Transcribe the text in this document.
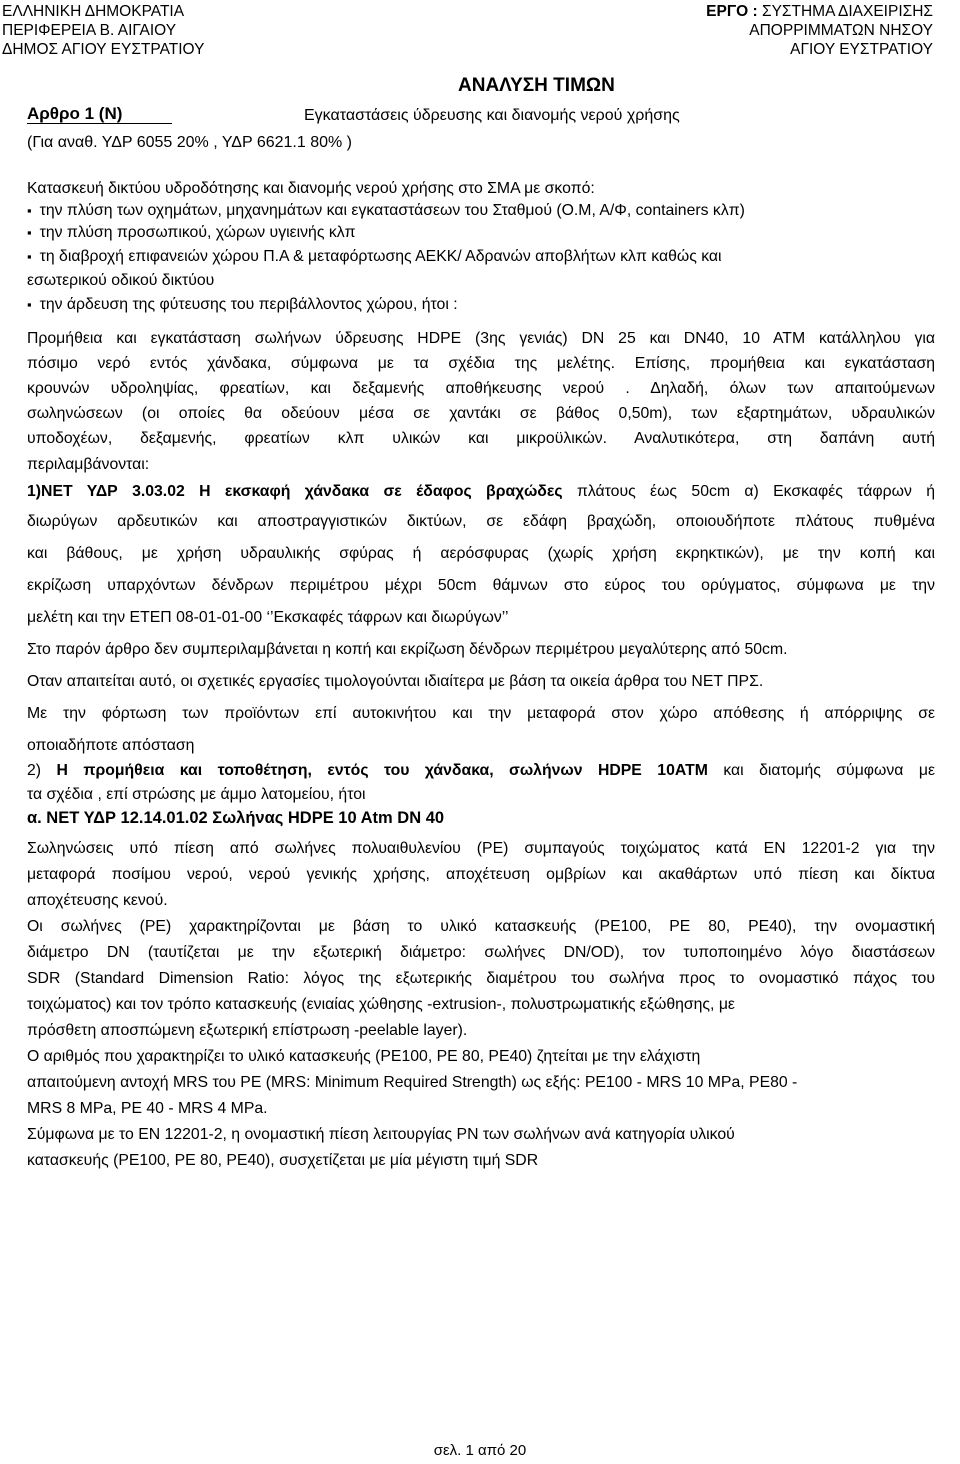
ΕΛΛΗΝΙΚΗ ΔΗΜΟΚΡΑΤΙΑ
ΠΕΡΙΦΕΡΕΙΑ Β. ΑΙΓΑΙΟΥ
ΔΗΜΟΣ ΑΓΙΟΥ ΕΥΣΤΡΑΤΙΟΥ
ΕΡΓΟ : ΣΥΣΤΗΜΑ ΔΙΑΧΕΙΡΙΣΗΣ
ΑΠΟΡΡΙΜΜΑΤΩΝ ΝΗΣΟΥ
ΑΓΙΟΥ ΕΥΣΤΡΑΤΙΟΥ
ΑΝΑΛΥΣΗ ΤΙΜΩΝ
Αρθρο 1 (Ν)	Εγκαταστάσεις ύδρευσης και διανομής νερού χρήσης
(Για αναθ. ΥΔΡ 6055 20% , ΥΔΡ 6621.1 80% )
Κατασκευή δικτύου υδροδότησης και διανομής νερού χρήσης στο ΣΜΑ με σκοπό:
▪ την πλύση των οχημάτων, μηχανημάτων και εγκαταστάσεων του Σταθμού (Ο.Μ, Α/Φ, containers κλπ)
▪ την πλύση προσωπικού, χώρων υγιεινής κλπ
▪ τη διαβροχή επιφανειών χώρου Π.Α & μεταφόρτωσης ΑΕΚΚ/ Αδρανών αποβλήτων κλπ καθώς και
εσωτερικού οδικού δικτύου
▪ την άρδευση της φύτευσης του περιβάλλοντος χώρου, ήτοι :
Προμήθεια και εγκατάσταση σωλήνων ύδρευσης HDPE (3ης γενιάς) DN 25 και DN40, 10 ATM κατάλληλου για
πόσιμο νερό εντός χάνδακα, σύμφωνα με τα σχέδια της μελέτης. Επίσης, προμήθεια και εγκατάσταση
κρουνών υδροληψίας, φρεατίων, και δεξαμενής αποθήκευσης νερού . Δηλαδή, όλων των απαιτούμενων
σωληνώσεων (οι οποίες θα οδεύουν μέσα σε χαντάκι σε βάθος 0,50m), των εξαρτημάτων, υδραυλικών
υποδοχέων, δεξαμενής, φρεατίων κλπ υλικών και μικροϋλικών. Αναλυτικότερα, στη δαπάνη αυτή
περιλαμβάνονται:
1)ΝΕΤ ΥΔΡ 3.03.02 Η εκσκαφή χάνδακα σε έδαφος βραχώδες πλάτους έως 50cm α) Εκσκαφές τάφρων ή
διωρύγων αρδευτικών και αποστραγγιστικών δικτύων, σε εδάφη βραχώδη, οποιουδήποτε πλάτους πυθμένα
και βάθους, με χρήση υδραυλικής σφύρας ή αερόσφυρας (χωρίς χρήση εκρηκτικών), με την κοπή και
εκρίζωση υπαρχόντων δένδρων περιμέτρου μέχρι 50cm θάμνων στο εύρος του ορύγματος, σύμφωνα με την
μελέτη και την ΕΤΕΠ 08-01-01-00 ‘’Εκσκαφές τάφρων και διωρύγων’’
Στο παρόν άρθρο δεν συμπεριλαμβάνεται η κοπή και εκρίζωση δένδρων περιμέτρου μεγαλύτερης από 50cm.
Οταν απαιτείται αυτό, οι σχετικές εργασίες τιμολογούνται ιδιαίτερα με βάση τα οικεία άρθρα του ΝΕΤ ΠΡΣ.
Με την φόρτωση των προϊόντων επί αυτοκινήτου και την μεταφορά στον χώρο απόθεσης ή απόρριψης σε
οποιαδήποτε απόσταση
2) Η προμήθεια και τοποθέτηση, εντός του χάνδακα, σωλήνων HDPE 10ATM και διατομής σύμφωνα με
τα σχέδια , επί στρώσης με άμμο λατομείου, ήτοι
α. ΝΕΤ ΥΔΡ 12.14.01.02 Σωλήνας HDPE 10 Atm DN 40
Σωληνώσεις υπό πίεση από σωλήνες πολυαιθυλενίου (PE) συμπαγούς τοιχώματος κατά ΕΝ 12201-2 για την
μεταφορά ποσίμου νερού, νερού γενικής χρήσης, αποχέτευση ομβρίων και ακαθάρτων υπό πίεση και δίκτυα
αποχέτευσης κενού.
Οι σωλήνες (PE) χαρακτηρίζονται με βάση το υλικό κατασκευής (PE100, PE 80, PE40), την ονομαστική
διάμετρο DN (ταυτίζεται με την εξωτερική διάμετρο: σωλήνες DN/OD), τον τυποποιημένο λόγο διαστάσεων
SDR (Standard Dimension Ratio: λόγος της εξωτερικής διαμέτρου του σωλήνα προς το ονομαστικό πάχος του
τοιχώματος) και τον τρόπο κατασκευής (ενιαίας χώθησης -extrusion-, πολυστρωματικής εξώθησης, με
πρόσθετη αποσπώμενη εξωτερική επίστρωση -peelable layer).
Ο αριθμός που χαρακτηρίζει το υλικό κατασκευής (PE100, PE 80, PE40) ζητείται με την ελάχιστη
απαιτούμενη αντοχή MRS του PE (MRS: Minimum Required Strength) ως εξής: PE100 - MRS 10 MPa, PE80 -
MRS 8 MPa, PE 40 - MRS 4 MPa.
Σύμφωνα με το ΕΝ 12201-2, η ονομαστική πίεση λειτουργίας PN των σωλήνων ανά κατηγορία υλικού
κατασκευής (PE100, PE 80, PE40), συσχετίζεται με μία μέγιστη τιμή SDR
σελ. 1 από 20
